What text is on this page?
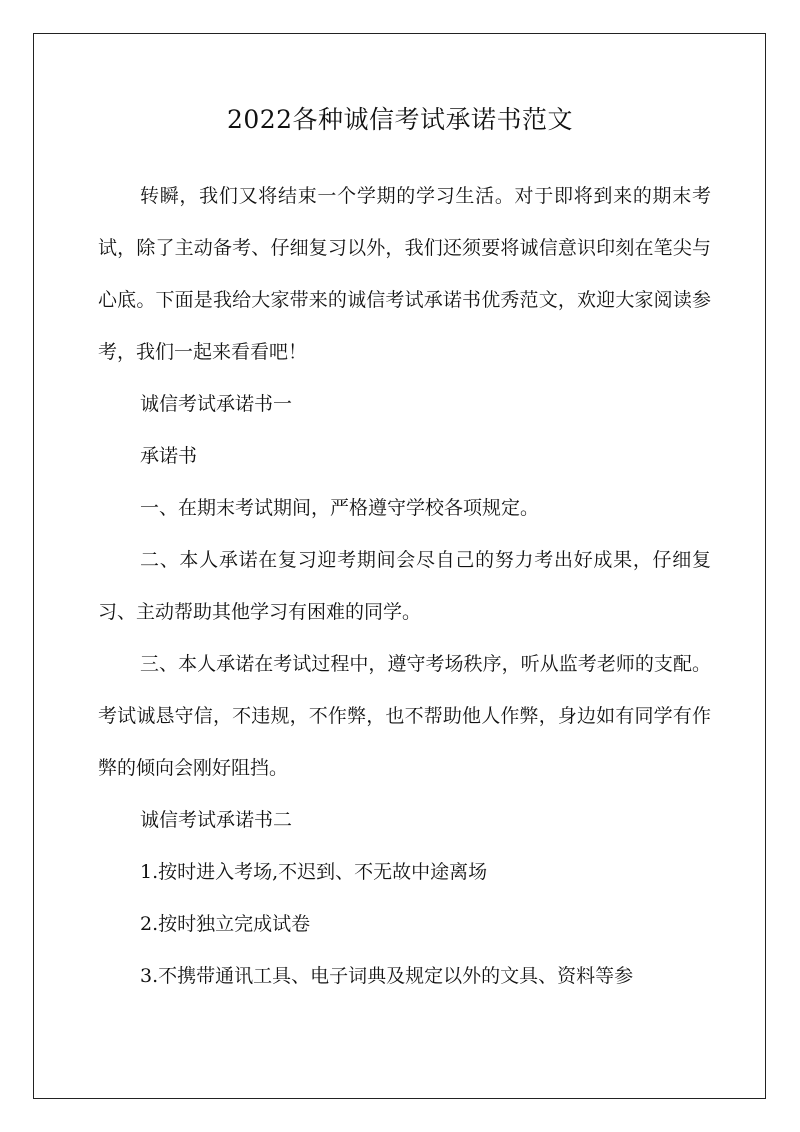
2022各种诚信考试承诺书范文

转瞬，我们又将结束一个学期的学习生活。对于即将到来的期末考试，除了主动备考、仔细复习以外，我们还须要将诚信意识印刻在笔尖与心底。下面是我给大家带来的诚信考试承诺书优秀范文，欢迎大家阅读参考，我们一起来看看吧！

诚信考试承诺书一

承诺书

一、在期末考试期间，严格遵守学校各项规定。

二、本人承诺在复习迎考期间会尽自己的努力考出好成果，仔细复习、主动帮助其他学习有困难的同学。

三、本人承诺在考试过程中，遵守考场秩序，听从监考老师的支配。考试诚恳守信，不违规，不作弊，也不帮助他人作弊，身边如有同学有作弊的倾向会刚好阻挡。

诚信考试承诺书二

1.按时进入考场,不迟到、不无故中途离场

2.按时独立完成试卷

3.不携带通讯工具、电子词典及规定以外的文具、资料等参
